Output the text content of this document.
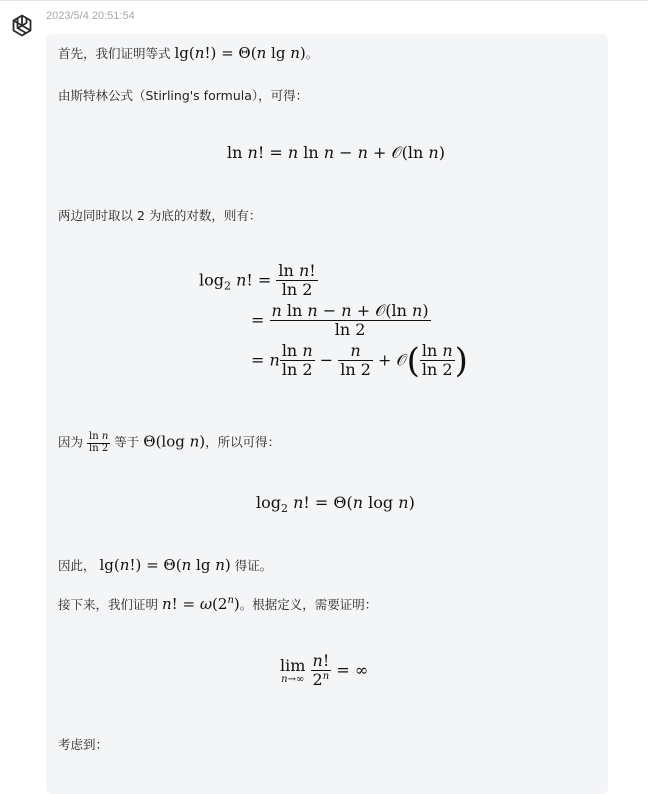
2023/5/4 20:51:54
首先，我们证明等式 lg(n!) = Θ(n lg n)。
由斯特林公式（Stirling's formula），可得：
ln n! = n ln n − n + 𝒪(ln n)
两边同时取以 2 为底的对数，则有：
$\log_2 n$! = $\frac{\text{ln n!}}{\ln 2}$
= $\frac{\text{n ln n − n + 𝒪(ln n)}}{\ln 2}$
= n $\frac{\text{ln n}}{\ln 2} - \frac{n}{\ln 2}$ + 𝒪( $\frac{\text{ln n}}{\ln 2}$ )
因为 $\frac{\text{ln n}}{\ln 2}$ 等于 Θ(log n)，所以可得：
$\log_2 n$! = Θ(n log n)
因此， lg(n!) = Θ(n lg n) 得证。
接下来，我们证明 n! = $\omega(2^n)$。根据定义，需要证明：
lim
n→∞
$\frac{n!}{2^n}$ = ∞
考虑到：
